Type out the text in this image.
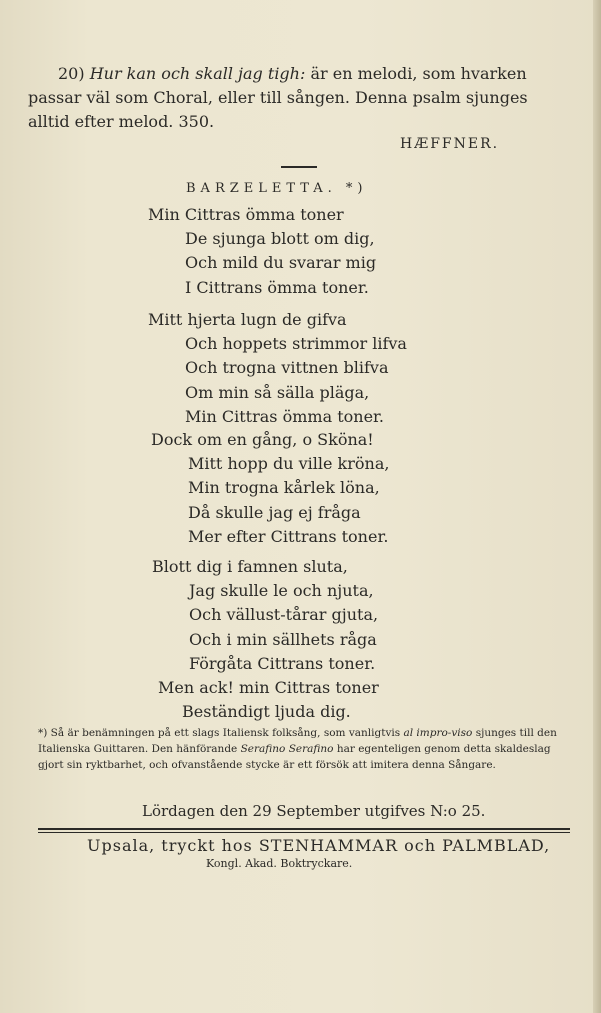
20) Hur kan och skall jag tigh: är en melodi, som hvarken
passar väl som Choral, eller till sången. Denna psalm sjunges
alltid efter melod. 350.
HÆFFNER.
BARZELETTA. *)
Min Cittras ömma toner
De sjunga blott om dig,
Och mild du svarar mig
I Cittrans ömma toner.
Mitt hjerta lugn de gifva
Och hoppets strimmor lifva
Och trogna vittnen blifva
Om min så sälla pläga,
Min Cittras ömma toner.
Dock om en gång, o Sköna!
Mitt hopp du ville kröna,
Min trogna kårlek löna,
Då skulle jag ej fråga
Mer efter Cittrans toner.
Blott dig i famnen sluta,
Jag skulle le och njuta,
Och vällust-tårar gjuta,
Och i min sällhets råga
Förgåta Cittrans toner.
Men ack! min Cittras toner
Beständigt ljuda dig.
*) Så är benämningen på ett slags Italiensk folksång, som vanligtvis al impro-viso sjunges till den Italienska Guittaren. Den hänförande Serafino Serafino har egenteligen genom detta skaldeslag gjort sin ryktbarhet, och ofvanstående stycke är ett försök att imitera denna Sångare.
Lördagen den 29 September utgifves N:o 25.
Upsala, tryckt hos STENHAMMAR och PALMBLAD,
Kongl. Akad. Boktryckare.
